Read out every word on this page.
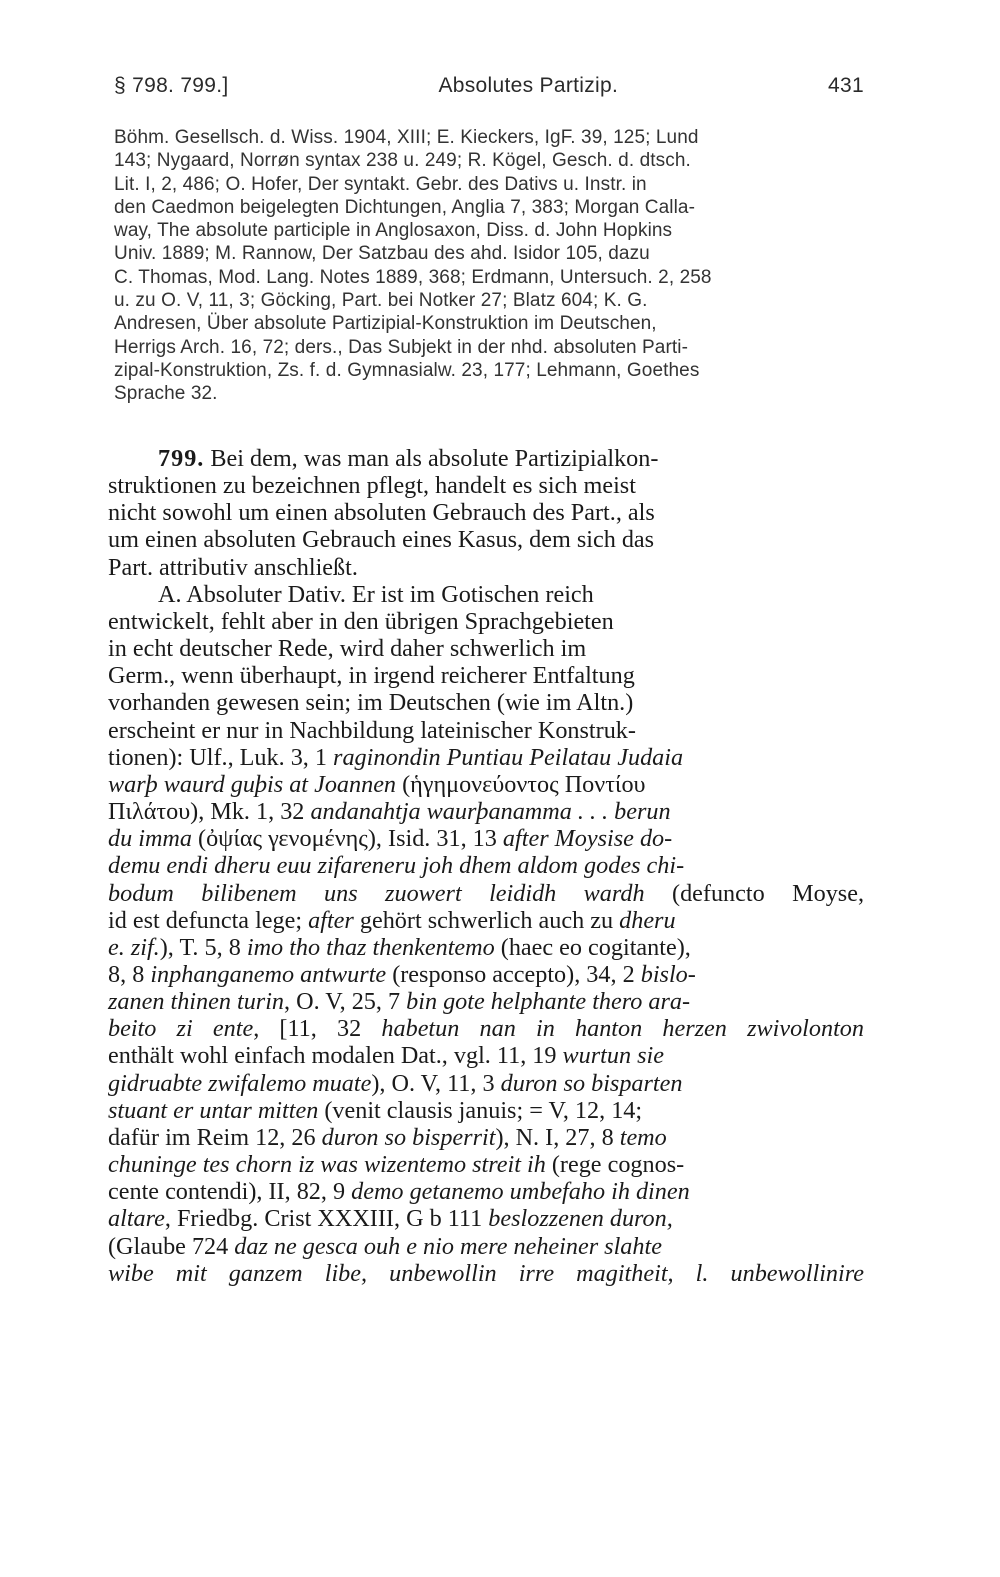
§ 798. 799.]	Absolutes Partizip.	431
Böhm. Gesellsch. d. Wiss. 1904, XIII; E. Kieckers, IgF. 39, 125; Lund
143; Nygaard, Norrøn syntax 238 u. 249; R. Kögel, Gesch. d. dtsch.
Lit. I, 2, 486; O. Hofer, Der syntakt. Gebr. des Dativs u. Instr. in
den Caedmon beigelegten Dichtungen, Anglia 7, 383; Morgan Calla-
way, The absolute participle in Anglosaxon, Diss. d. John Hopkins
Univ. 1889; M. Rannow, Der Satzbau des ahd. Isidor 105, dazu
C. Thomas, Mod. Lang. Notes 1889, 368; Erdmann, Untersuch. 2, 258
u. zu O. V, 11, 3; Göcking, Part. bei Notker 27; Blatz 604; K. G.
Andresen, Über absolute Partizipial-Konstruktion im Deutschen,
Herrigs Arch. 16, 72; ders., Das Subjekt in der nhd. absoluten Parti-
zipal-Konstruktion, Zs. f. d. Gymnasialw. 23, 177; Lehmann, Goethes
Sprache 32.
799. Bei dem, was man als absolute Partizipialkon-
struktionen zu bezeichnen pflegt, handelt es sich meist
nicht sowohl um einen absoluten Gebrauch des Part., als
um einen absoluten Gebrauch eines Kasus, dem sich das
Part. attributiv anschließt.
A. Absoluter Dativ. Er ist im Gotischen reich
entwickelt, fehlt aber in den übrigen Sprachgebieten
in echt deutscher Rede, wird daher schwerlich im
Germ., wenn überhaupt, in irgend reicherer Entfaltung
vorhanden gewesen sein; im Deutschen (wie im Altn.)
erscheint er nur in Nachbildung lateinischer Konstruk-
tionen): Ulf., Luk. 3, 1 raginondin Puntiau Peilatau Judaia
warþ waurd guþis at Joannen (ἡγημονεύοντος Ποντίου
Πιλάτου), Mk. 1, 32 andanahtja waurþanamma . . . berun
du imma (ὀψίας γενομένης), Isid. 31, 13 after Moysise do-
demu endi dheru euu zifareneru joh dhem aldom godes chi-
bodum bilibenem uns zuowert leididh wardh (defuncto Moyse,
id est defuncta lege; after gehört schwerlich auch zu dheru
e. zif.), T. 5, 8 imo tho thaz thenkentemo (haec eo cogitante),
8, 8 inphanganemo antwurte (responso accepto), 34, 2 bislo-
zanen thinen turin, O. V, 25, 7 bin gote helphante thero ara-
beito zi ente, [11, 32 habetun nan in hanton herzen zwivolonton
enthält wohl einfach modalen Dat., vgl. 11, 19 wurtun sie
gidruabte zwifalemo muate), O. V, 11, 3 duron so bisparten
stuant er untar mitten (venit clausis januis; = V, 12, 14;
dafür im Reim 12, 26 duron so bisperrit), N. I, 27, 8 temo
chuninge tes chorn iz was wizentemo streit ih (rege cognos-
cente contendi), II, 82, 9 demo getanemo umbefaho ih dinen
altare, Friedbg. Crist XXXIII, G b 111 beslozzenen duron,
(Glaube 724 daz ne gesca ouh e nio mere neheiner slahte
wibe mit ganzem libe, unbewollin irre magitheit, l. unbewollinire
